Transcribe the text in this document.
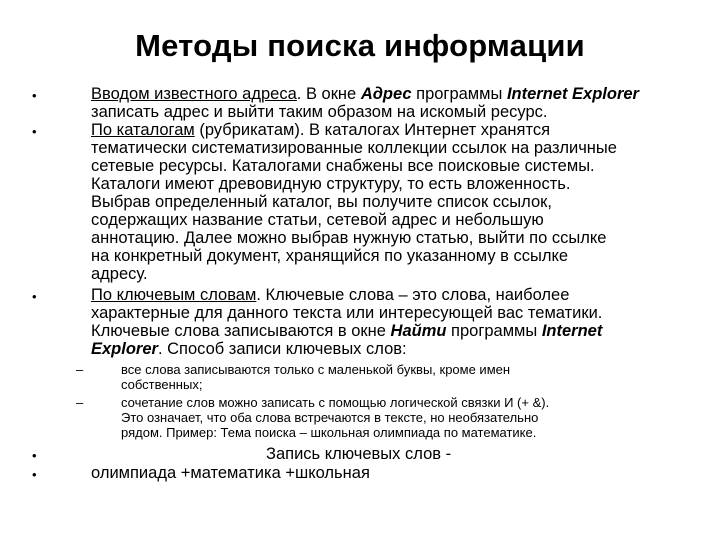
Методы поиска информации
•	Вводом известного адреса. В окне Адрес программы Internet Explorer записать адрес и выйти таким образом на искомый ресурс.
•	По каталогам (рубрикатам). В каталогах Интернет хранятся
тематически систематизированные коллекции ссылок на различные
сетевые ресурсы. Каталогами снабжены все поисковые системы.
Каталоги имеют древовидную структуру, то есть вложенность.
Выбрав определенный каталог, вы получите список ссылок,
содержащих название статьи, сетевой адрес и небольшую
аннотацию. Далее можно выбрав нужную статью, выйти по ссылке
на конкретный документ, хранящийся по указанному в ссылке
адресу.
•	По ключевым словам. Ключевые слова – это слова, наиболее
характерные для данного текста или интересующей вас тематики.
Ключевые слова записываются в окне Найти программы Internet
Explorer. Способ записи ключевых слов:
–	все слова записываются только с маленькой буквы, кроме имен
собственных;
–	сочетание слов можно записать с помощью логической связки И (+ &).
Это означает, что оба слова встречаются в тексте, но необязательно
рядом. Пример: Тема поиска – школьная олимпиада по математике.
•	Запись ключевых слов -
•	олимпиада +математика +школьная
